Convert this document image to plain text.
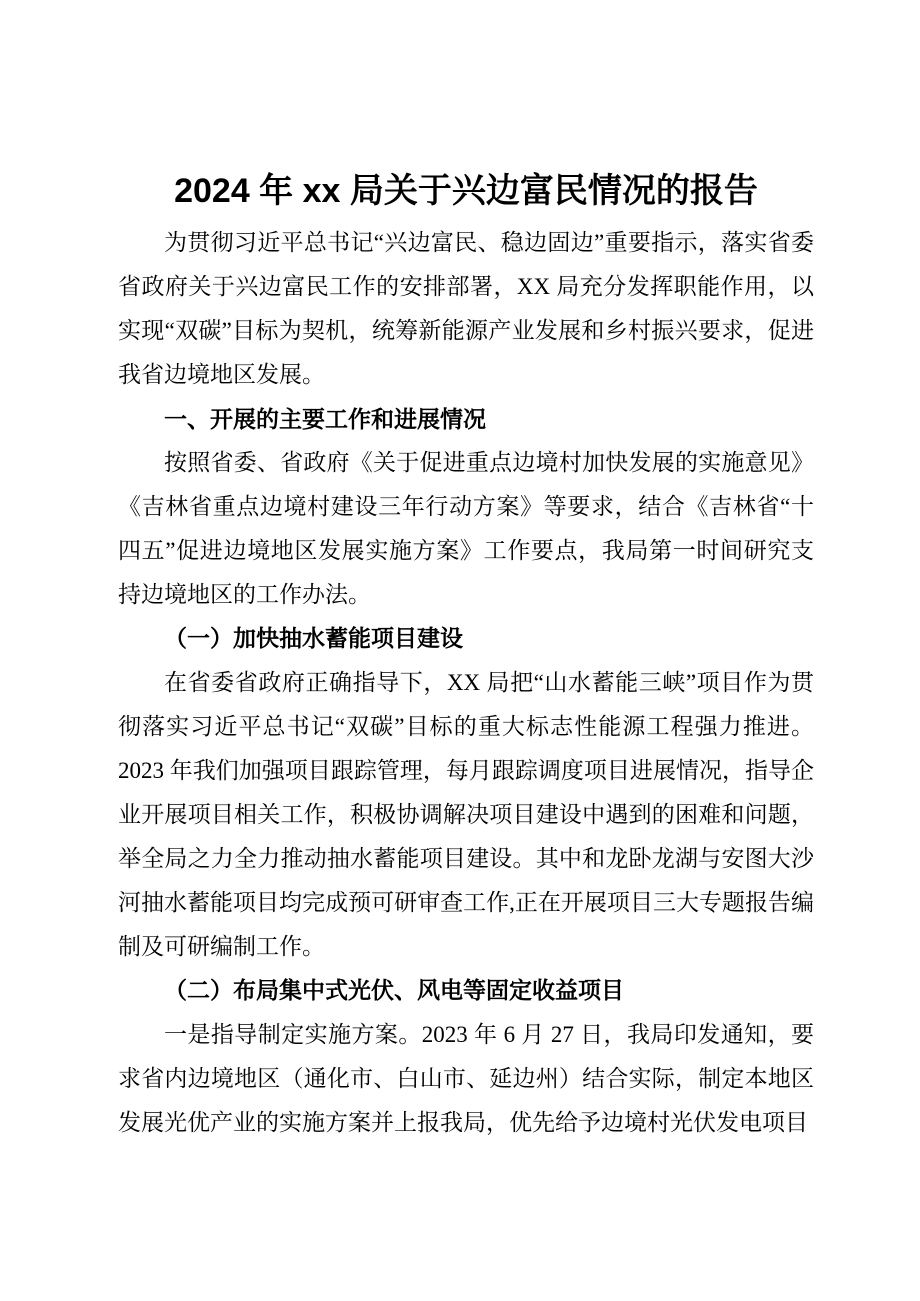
2024 年 xx 局关于兴边富民情况的报告

为贯彻习近平总书记“兴边富民、稳边固边”重要指示，落实省委省政府关于兴边富民工作的安排部署，XX 局充分发挥职能作用，以实现“双碳”目标为契机，统筹新能源产业发展和乡村振兴要求，促进我省边境地区发展。

一、开展的主要工作和进展情况

按照省委、省政府《关于促进重点边境村加快发展的实施意见》《吉林省重点边境村建设三年行动方案》等要求，结合《吉林省“十四五”促进边境地区发展实施方案》工作要点，我局第一时间研究支持边境地区的工作办法。

（一）加快抽水蓄能项目建设

在省委省政府正确指导下，XX 局把“山水蓄能三峡”项目作为贯彻落实习近平总书记“双碳”目标的重大标志性能源工程强力推进。2023 年我们加强项目跟踪管理，每月跟踪调度项目进展情况，指导企业开展项目相关工作，积极协调解决项目建设中遇到的困难和问题，举全局之力全力推动抽水蓄能项目建设。其中和龙卧龙湖与安图大沙河抽水蓄能项目均完成预可研审查工作,正在开展项目三大专题报告编制及可研编制工作。

（二）布局集中式光伏、风电等固定收益项目

一是指导制定实施方案。2023 年 6 月 27 日，我局印发通知，要求省内边境地区（通化市、白山市、延边州）结合实际，制定本地区发展光优产业的实施方案并上报我局，优先给予边境村光伏发电项目
